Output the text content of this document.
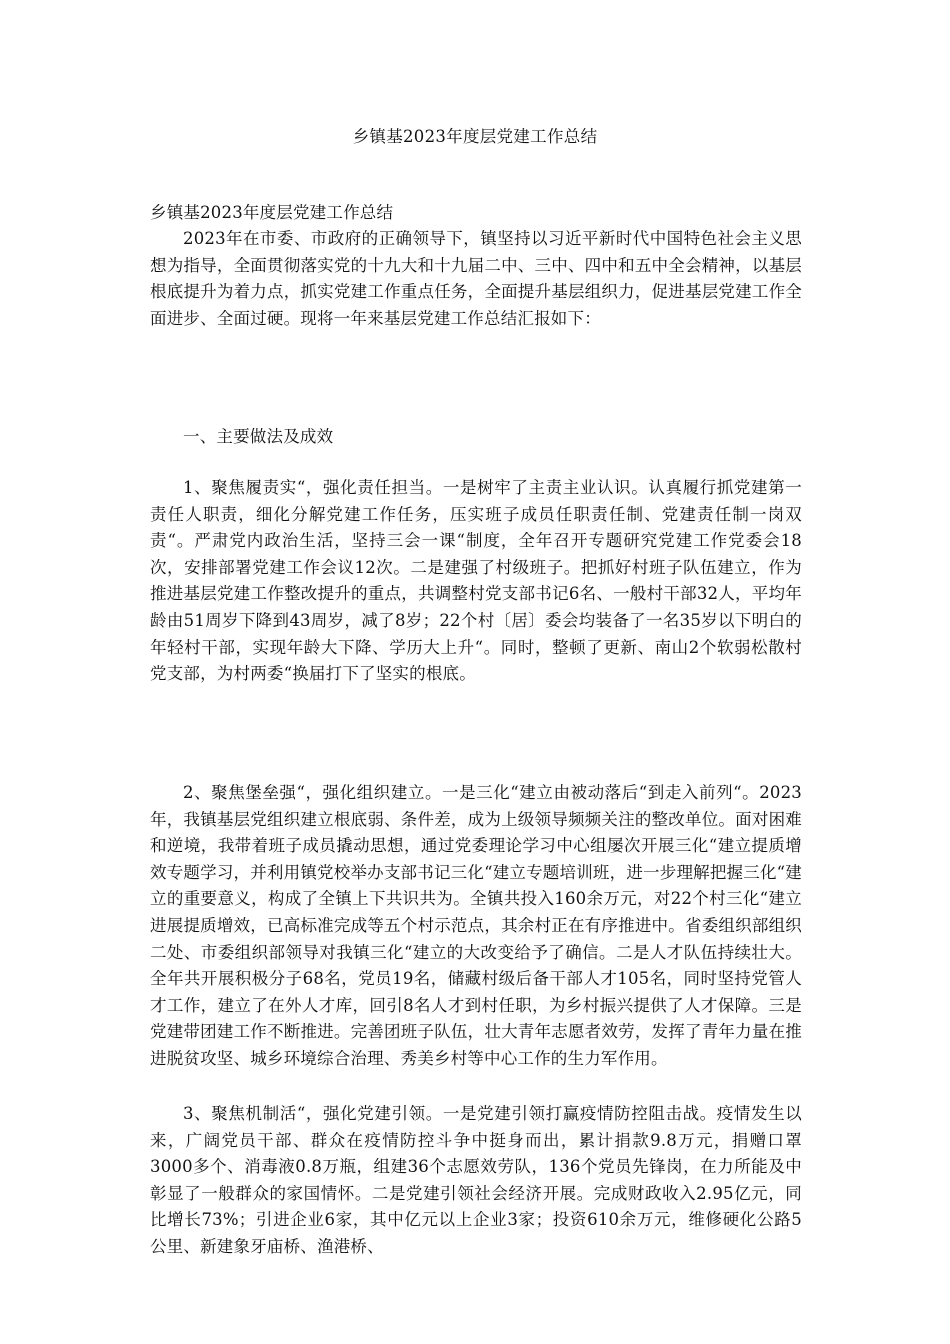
乡镇基2023年度层党建工作总结
乡镇基2023年度层党建工作总结

2023年在市委、市政府的正确领导下，镇坚持以习近平新时代中国特色社会主义思想为指导，全面贯彻落实党的十九大和十九届二中、三中、四中和五中全会精神，以基层根底提升为着力点，抓实党建工作重点任务，全面提升基层组织力，促进基层党建工作全面进步、全面过硬。现将一年来基层党建工作总结汇报如下：

一、主要做法及成效

1、聚焦履责实“，强化责任担当。一是树牢了主责主业认识。认真履行抓党建第一责任人职责，细化分解党建工作任务，压实班子成员任职责任制、党建责任制一岗双责“。严肃党内政治生活，坚持三会一课“制度，全年召开专题研究党建工作党委会18次，安排部署党建工作会议12次。二是建强了村级班子。把抓好村班子队伍建立，作为推进基层党建工作整改提升的重点，共调整村党支部书记6名、一般村干部32人，平均年龄由51周岁下降到43周岁，减了8岁；22个村〔居〕委会均装备了一名35岁以下明白的年轻村干部，实现年龄大下降、学历大上升“。同时，整顿了更新、南山2个软弱松散村党支部，为村两委“换届打下了坚实的根底。

2、聚焦堡垒强“，强化组织建立。一是三化“建立由被动落后“到走入前列“。2023年，我镇基层党组织建立根底弱、条件差，成为上级领导频频关注的整改单位。面对困难和逆境，我带着班子成员撬动思想，通过党委理论学习中心组屡次开展三化“建立提质增效专题学习，并利用镇党校举办支部书记三化“建立专题培训班，进一步理解把握三化“建立的重要意义，构成了全镇上下共识共为。全镇共投入160余万元，对22个村三化“建立进展提质增效，已高标准完成等五个村示范点，其余村正在有序推进中。省委组织部组织二处、市委组织部领导对我镇三化“建立的大改变给予了确信。二是人才队伍持续壮大。全年共开展积极分子68名，党员19名，储藏村级后备干部人才105名，同时坚持党管人才工作，建立了在外人才库，回引8名人才到村任职，为乡村振兴提供了人才保障。三是党建带团建工作不断推进。完善团班子队伍，壮大青年志愿者效劳，发挥了青年力量在推进脱贫攻坚、城乡环境综合治理、秀美乡村等中心工作的生力军作用。

3、聚焦机制活“，强化党建引领。一是党建引领打赢疫情防控阻击战。疫情发生以来，广阔党员干部、群众在疫情防控斗争中挺身而出，累计捐款9.8万元，捐赠口罩3000多个、消毒液0.8万瓶，组建36个志愿效劳队，136个党员先锋岗，在力所能及中彰显了一般群众的家国情怀。二是党建引领社会经济开展。完成财政收入2.95亿元，同比增长73%；引进企业6家，其中亿元以上企业3家；投资610余万元，维修硬化公路5公里、新建象牙庙桥、渔港桥、
